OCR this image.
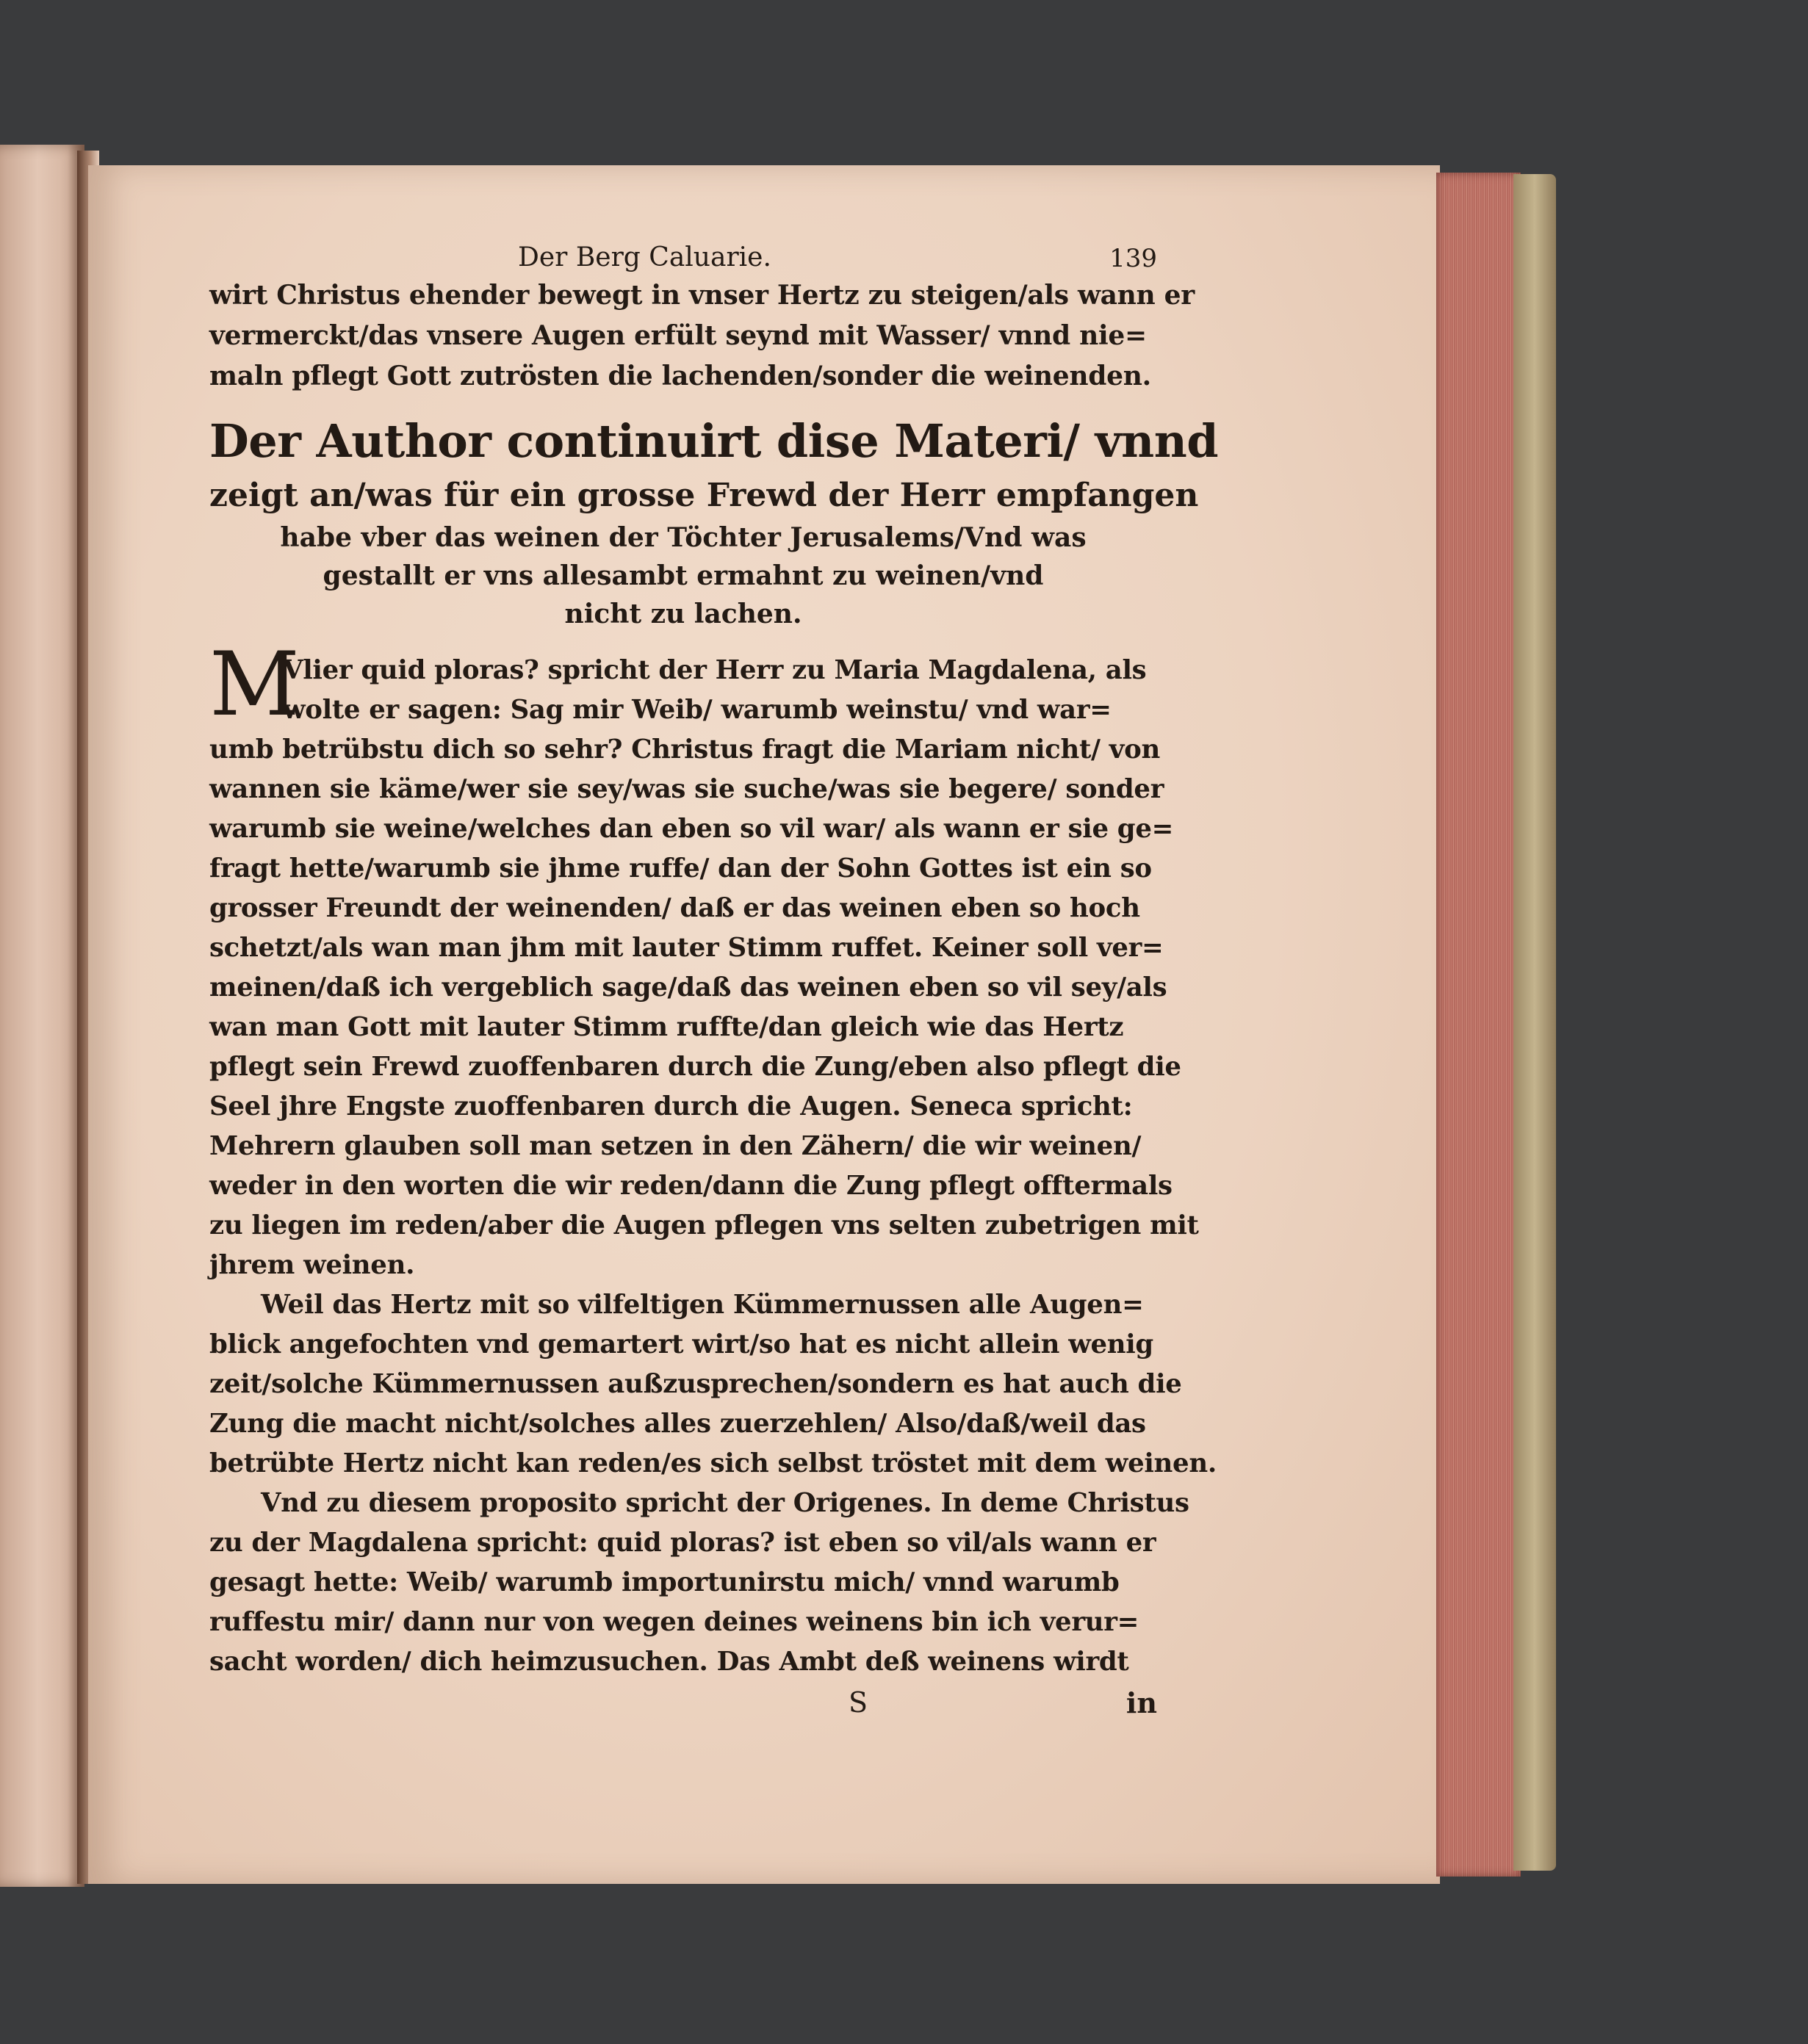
Der Berg Caluarie.	139
wirt Christus ehender bewegt in vnser Hertz zu steigen/als wann er
vermerckt/das vnsere Augen erfült seynd mit Wasser/ vnnd nie=
maln pflegt Gott zutrösten die lachenden/sonder die weinenden.
Der Author continuirt dise Materi/ vnnd
zeigt an/was für ein grosse Frewd der Herr empfangen
habe vber das weinen der Töchter Jerusalems/Vnd was
gestallt er vns allesambt ermahnt zu weinen/vnd
nicht zu lachen.
M
Vlier quid ploras? spricht der Herr zu Maria Magdalena, als
wolte er sagen: Sag mir Weib/ warumb weinstu/ vnd war=
umb betrübstu dich so sehr? Christus fragt die Mariam nicht/ von
wannen sie käme/wer sie sey/was sie suche/was sie begere/ sonder
warumb sie weine/welches dan eben so vil war/ als wann er sie ge=
fragt hette/warumb sie jhme ruffe/ dan der Sohn Gottes ist ein so
grosser Freundt der weinenden/ daß er das weinen eben so hoch
schetzt/als wan man jhm mit lauter Stimm ruffet. Keiner soll ver=
meinen/daß ich vergeblich sage/daß das weinen eben so vil sey/als
wan man Gott mit lauter Stimm ruffte/dan gleich wie das Hertz
pflegt sein Frewd zuoffenbaren durch die Zung/eben also pflegt die
Seel jhre Engste zuoffenbaren durch die Augen. Seneca spricht:
Mehrern glauben soll man setzen in den Zähern/ die wir weinen/
weder in den worten die wir reden/dann die Zung pflegt offtermals
zu liegen im reden/aber die Augen pflegen vns selten zubetrigen mit
jhrem weinen.
Weil das Hertz mit so vilfeltigen Kümmernussen alle Augen=
blick angefochten vnd gemartert wirt/so hat es nicht allein wenig
zeit/solche Kümmernussen außzusprechen/sondern es hat auch die
Zung die macht nicht/solches alles zuerzehlen/ Also/daß/weil das
betrübte Hertz nicht kan reden/es sich selbst tröstet mit dem weinen.
Vnd zu diesem proposito spricht der Origenes. In deme Christus
zu der Magdalena spricht: quid ploras? ist eben so vil/als wann er
gesagt hette: Weib/ warumb importunirstu mich/ vnnd warumb
ruffestu mir/ dann nur von wegen deines weinens bin ich verur=
sacht worden/ dich heimzusuchen. Das Ambt deß weinens wirdt
S	in
